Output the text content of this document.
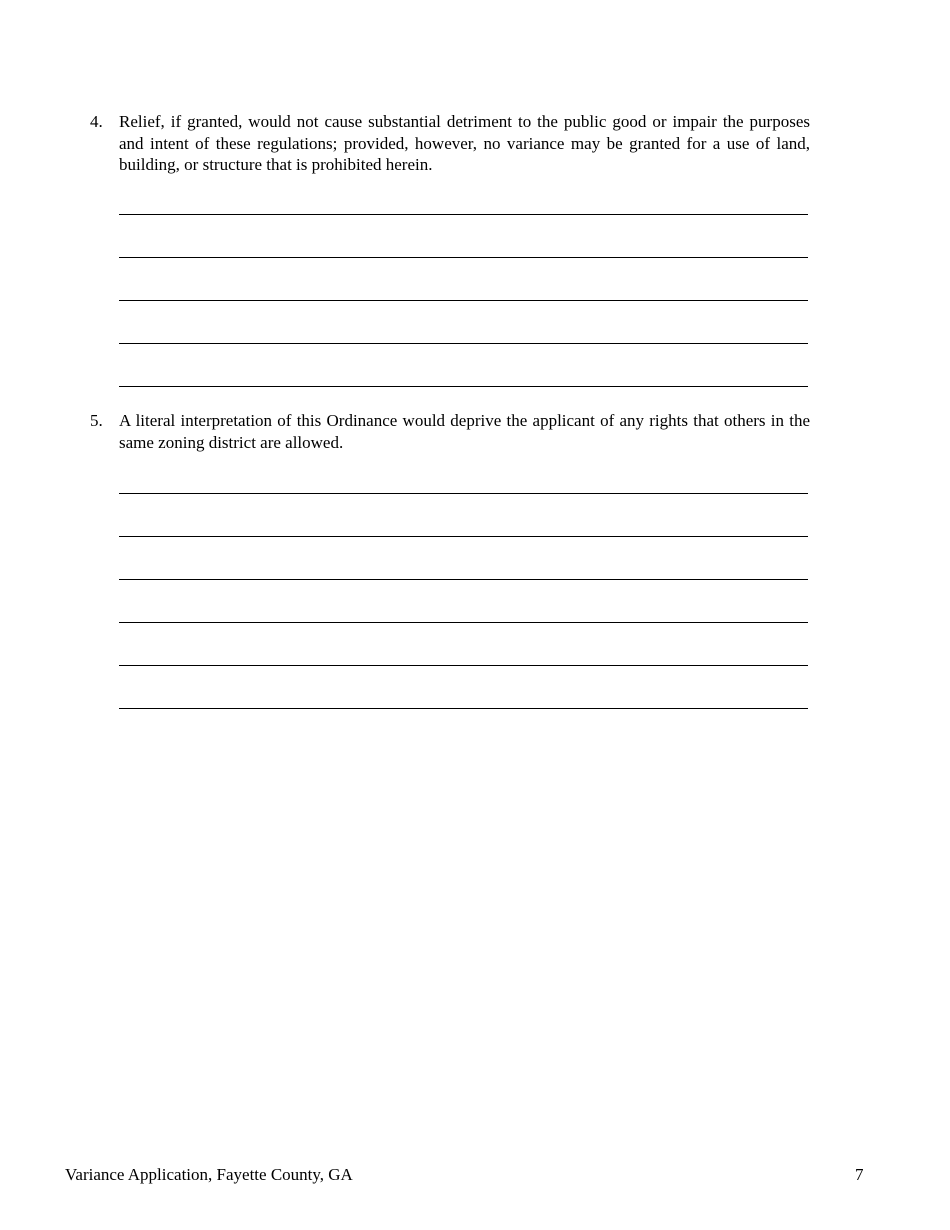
4. Relief, if granted, would not cause substantial detriment to the public good or impair the purposes and intent of these regulations; provided, however, no variance may be granted for a use of land, building, or structure that is prohibited herein.
5. A literal interpretation of this Ordinance would deprive the applicant of any rights that others in the same zoning district are allowed.
Variance Application, Fayette County, GA	7
